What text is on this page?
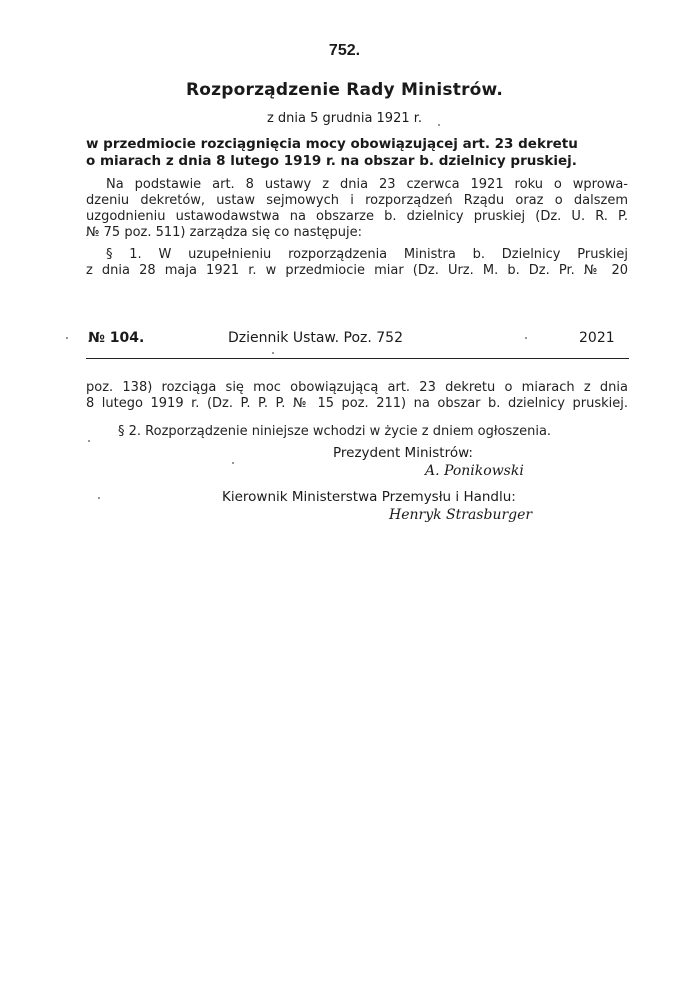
752.
Rozporządzenie Rady Ministrów.
z dnia 5 grudnia 1921 r.
w przedmiocie rozciągnięcia mocy obowiązującej art. 23 dekretu
o miarach z dnia 8 lutego 1919 r. na obszar b. dzielnicy pruskiej.
Na podstawie art. 8 ustawy z dnia 23 czerwca 1921 roku o wprowa-
dzeniu dekretów, ustaw sejmowych i rozporządzeń Rządu oraz o dalszem
uzgodnieniu ustawodawstwa na obszarze b. dzielnicy pruskiej (Dz. U. R. P.
№ 75 poz. 511) zarządza się co następuje:
§ 1. W uzupełnieniu rozporządzenia Ministra b. Dzielnicy Pruskiej
z dnia 28 maja 1921 r. w przedmiocie miar (Dz. Urz. M. b. Dz. Pr. № 20
№ 104.	Dziennik Ustaw. Poz. 752	2021
poz. 138) rozciąga się moc obowiązującą art. 23 dekretu o miarach z dnia
8 lutego 1919 r. (Dz. P. P. P. № 15 poz. 211) na obszar b. dzielnicy pruskiej.
§ 2. Rozporządzenie niniejsze wchodzi w życie z dniem ogłoszenia.
Prezydent Ministrów:
A. Ponikowski
Kierownik Ministerstwa Przemysłu i Handlu:
Henryk Strasburger
